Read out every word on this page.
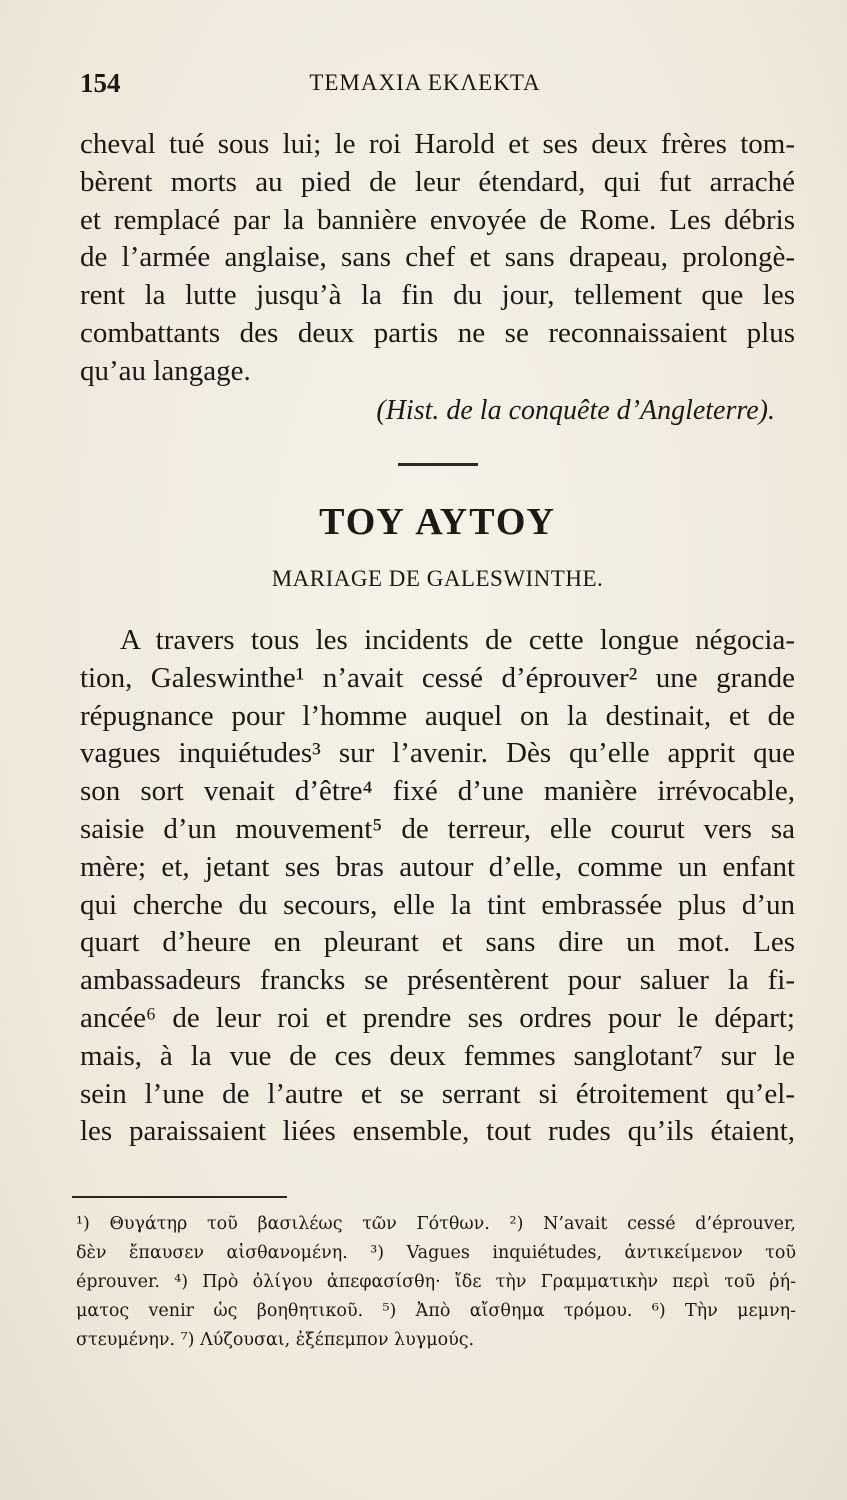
154	ΤΕΜΑΧΙΑ ΕΚΛΕΚΤΑ
cheval tué sous lui; le roi Harold et ses deux frères tom-
bèrent morts au pied de leur étendard, qui fut arraché
et remplacé par la bannière envoyée de Rome. Les débris
de l’armée anglaise, sans chef et sans drapeau, prolongè-
rent la lutte jusqu’à la fin du jour, tellement que les
combattants des deux partis ne se reconnaissaient plus
qu’au langage.
(Hist. de la conquête d’Angleterre).
ΤΟΥ ΑΥΤΟΥ
MARIAGE DE GALESWINTHE.
A travers tous les incidents de cette longue négocia-
tion, Galeswinthe¹ n’avait cessé d’éprouver² une grande
répugnance pour l’homme auquel on la destinait, et de
vagues inquiétudes³ sur l’avenir. Dès qu’elle apprit que
son sort venait d’être⁴ fixé d’une manière irrévocable,
saisie d’un mouvement⁵ de terreur, elle courut vers sa
mère; et, jetant ses bras autour d’elle, comme un enfant
qui cherche du secours, elle la tint embrassée plus d’un
quart d’heure en pleurant et sans dire un mot. Les
ambassadeurs francks se présentèrent pour saluer la fi-
ancée⁶ de leur roi et prendre ses ordres pour le départ;
mais, à la vue de ces deux femmes sanglotant⁷ sur le
sein l’une de l’autre et se serrant si étroitement qu’el-
les paraissaient liées ensemble, tout rudes qu’ils étaient,
¹) Θυγάτηρ τοῦ βασιλέως τῶν Γότθων. ²) N’avait cessé d’éprouver,
δὲν ἔπαυσεν αἰσθανομένη. ³) Vagues inquiétudes, ἀντικείμενον τοῦ
éprouver. ⁴) Πρὸ ὀλίγου ἀπεφασίσθη· ἴδε τὴν Γραμματικὴν περὶ τοῦ ῥή-
ματος venir ὡς βοηθητικοῦ. ⁵) Ἀπὸ αἴσθημα τρόμου. ⁶) Τὴν μεμνη-
στευμένην. ⁷) Λύζουσαι, ἐξέπεμπον λυγμούς.
